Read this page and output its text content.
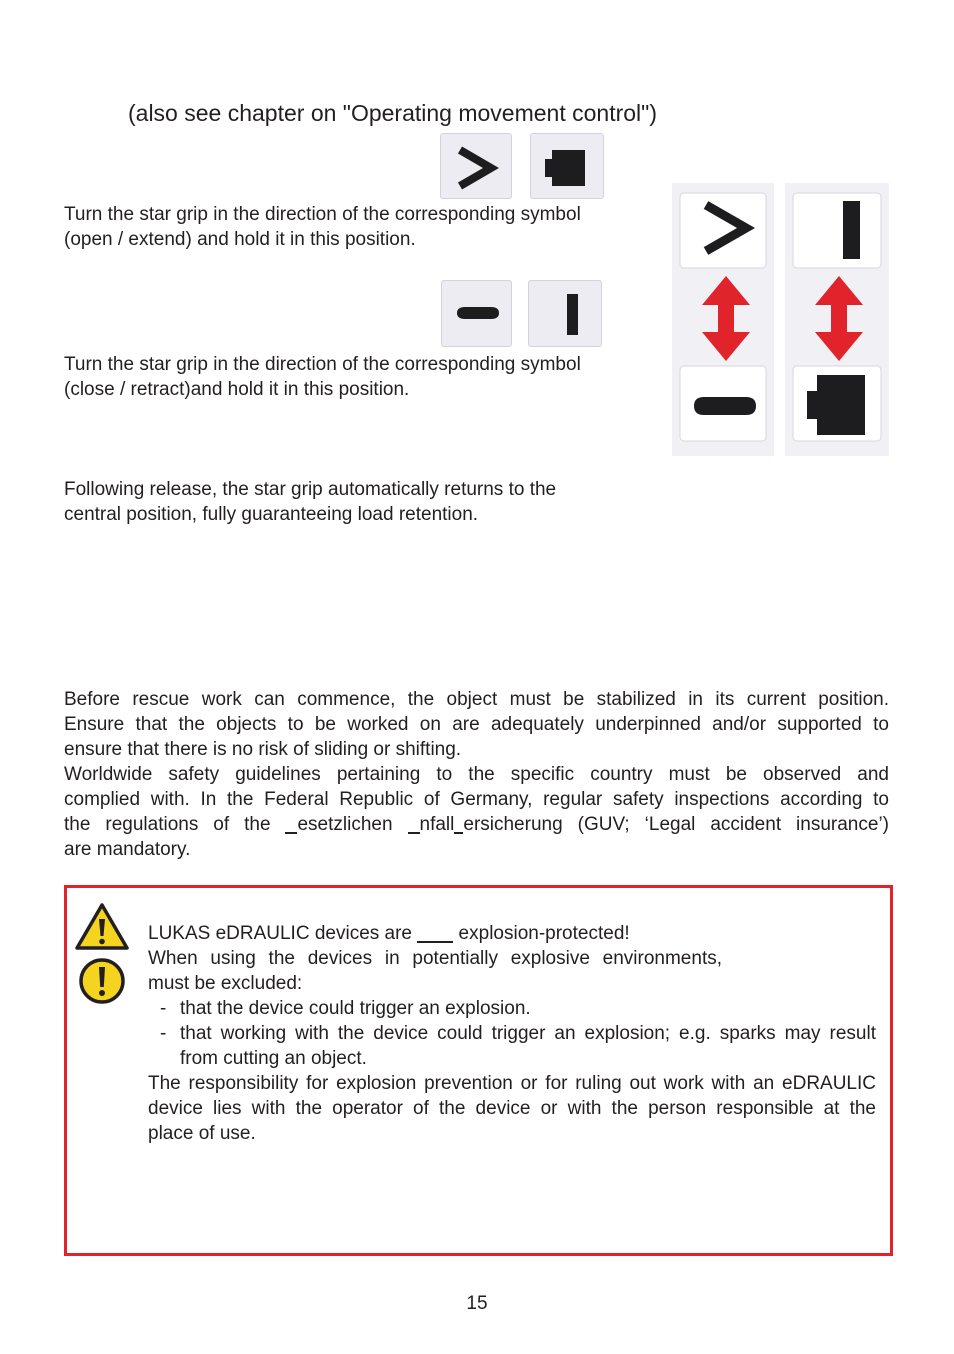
(also see chapter on "Operating movement control")
Turn the star grip in the direction of the corresponding symbol
(open / extend) and hold it in this position.
Turn the star grip in the direction of the corresponding symbol
(close / retract)and hold it in this position.
Following release, the star grip automatically returns to the
central position, fully guaranteeing load retention.
Before rescue work can commence, the object must be stabilized in its current position.
Ensure that the objects to be worked on are adequately underpinned and/or supported to
ensure that there is no risk of sliding or shifting.
Worldwide safety guidelines pertaining to the specific country must be observed and
complied with. In the Federal Republic of Germany, regular safety inspections according to
the regulations of the  esetzlichen  nfall ersicherung (GUV; ‘Legal accident insurance’)
are mandatory.
LUKAS eDRAULIC devices are   explosion-protected!
When using the devices in potentially explosive environments,
must be excluded:
- that the device could trigger an explosion.
- that working with the device could trigger an explosion; e.g. sparks may result
from cutting an object.
The responsibility for explosion prevention or for ruling out work with an eDRAULIC
device lies with the operator of the device or with the person responsible at the
place of use.
15
